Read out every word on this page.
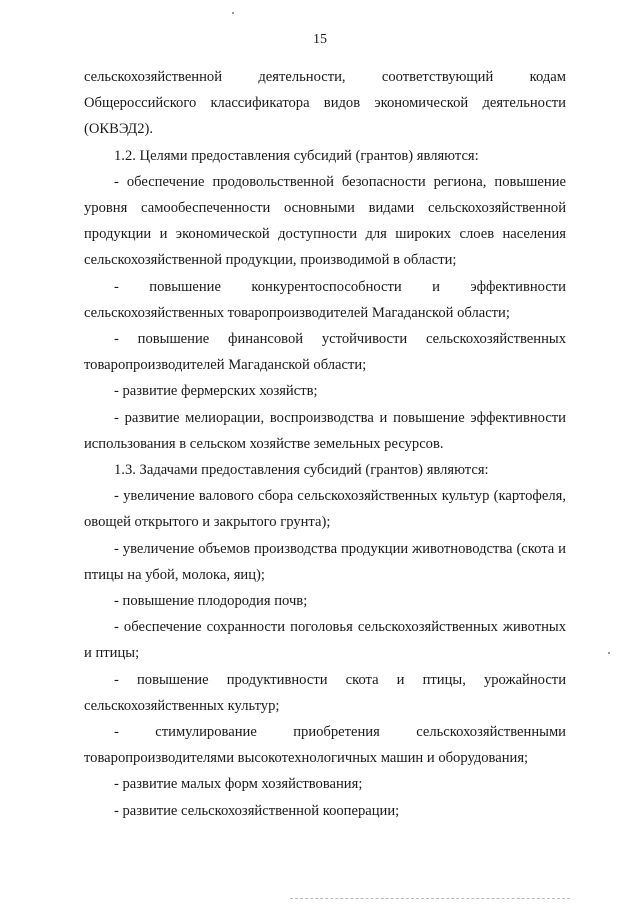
15

сельскохозяйственной деятельности, соответствующий кодам Общероссийского классификатора видов экономической деятельности (ОКВЭД2).

1.2. Целями предоставления субсидий (грантов) являются:

- обеспечение продовольственной безопасности региона, повышение уровня самообеспеченности основными видами сельскохозяйственной продукции и экономической доступности для широких слоев населения сельскохозяйственной продукции, производимой в области;

- повышение конкурентоспособности и эффективности сельскохозяйственных товаропроизводителей Магаданской области;

- повышение финансовой устойчивости сельскохозяйственных товаропроизводителей Магаданской области;

- развитие фермерских хозяйств;

- развитие мелиорации, воспроизводства и повышение эффективности использования в сельском хозяйстве земельных ресурсов.

1.3. Задачами предоставления субсидий (грантов) являются:

- увеличение валового сбора сельскохозяйственных культур (картофеля, овощей открытого и закрытого грунта);

- увеличение объемов производства продукции животноводства (скота и птицы на убой, молока, яиц);

- повышение плодородия почв;

- обеспечение сохранности поголовья сельскохозяйственных животных и птицы;

- повышение продуктивности скота и птицы, урожайности сельскохозяйственных культур;

- стимулирование приобретения сельскохозяйственными товаропроизводителями высокотехнологичных машин и оборудования;

- развитие малых форм хозяйствования;

- развитие сельскохозяйственной кооперации;
